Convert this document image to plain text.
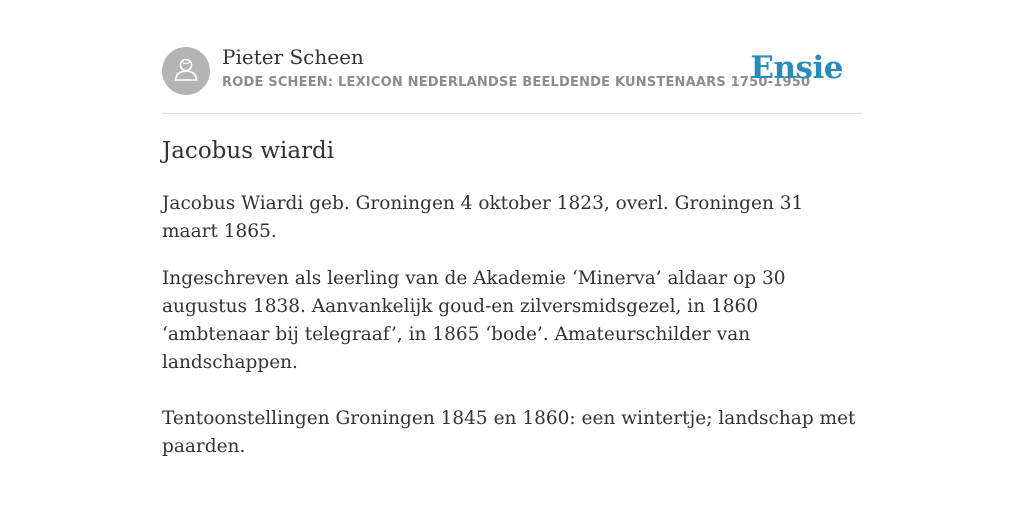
Pieter Scheen
RODE SCHEEN: LEXICON NEDERLANDSE BEELDENDE KUNSTENAARS 1750-1950
Ensie
Jacobus wiardi

Jacobus Wiardi geb. Groningen 4 oktober 1823, overl. Groningen 31 maart 1865.

Ingeschreven als leerling van de Akademie ‘Minerva’ aldaar op 30 augustus 1838. Aanvankelijk goud-en zilversmidsgezel, in 1860 ‘ambtenaar bij telegraaf’, in 1865 ‘bode’. Amateurschilder van landschappen.

Tentoonstellingen Groningen 1845 en 1860: een wintertje; landschap met paarden.
